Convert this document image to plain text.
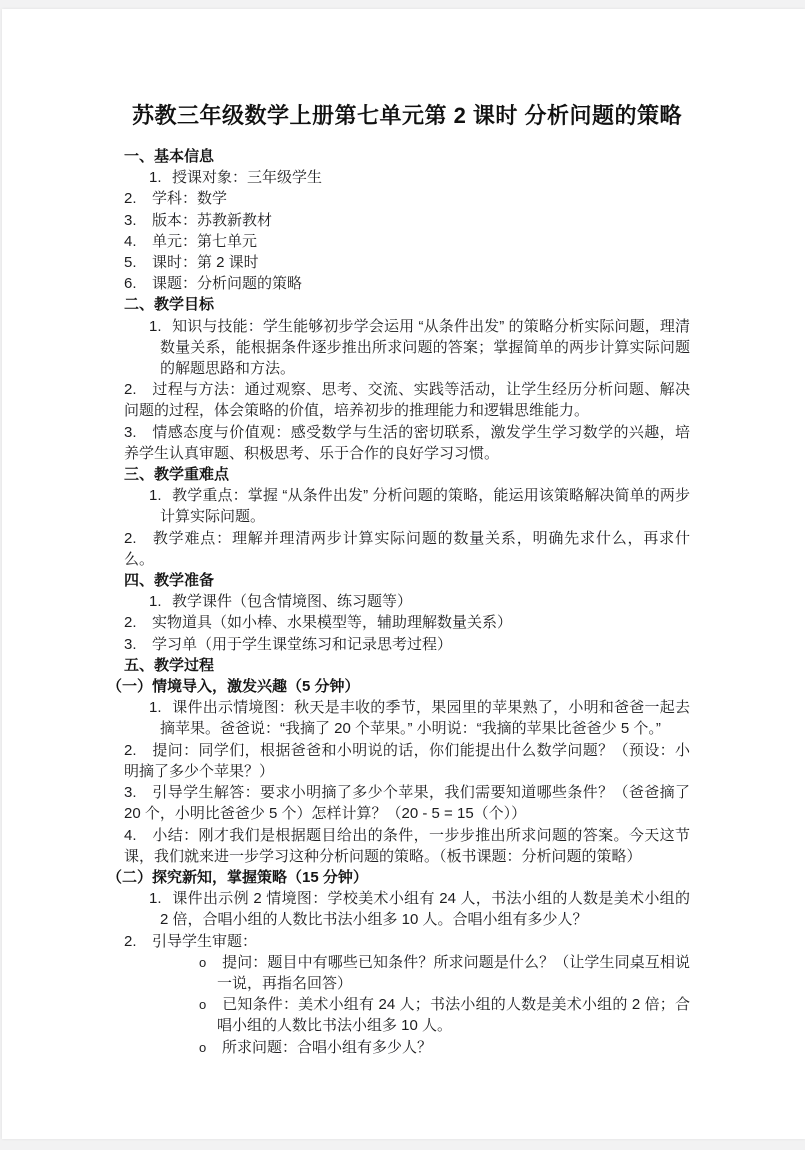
苏教三年级数学上册第七单元第 2 课时 分析问题的策略
一、基本信息

1. 授课对象：三年级学生

2. 学科：数学

3. 版本：苏教新教材

4. 单元：第七单元

5. 课时：第 2 课时

6. 课题：分析问题的策略

二、教学目标

1. 知识与技能：学生能够初步学会运用 “从条件出发” 的策略分析实际问题，理清数量关系，能根据条件逐步推出所求问题的答案；掌握简单的两步计算实际问题的解题思路和方法。

2. 过程与方法：通过观察、思考、交流、实践等活动，让学生经历分析问题、解决问题的过程，体会策略的价值，培养初步的推理能力和逻辑思维能力。

3. 情感态度与价值观：感受数学与生活的密切联系，激发学生学习数学的兴趣，培养学生认真审题、积极思考、乐于合作的良好学习习惯。

三、教学重难点

1. 教学重点：掌握 “从条件出发” 分析问题的策略，能运用该策略解决简单的两步计算实际问题。

2. 教学难点：理解并理清两步计算实际问题的数量关系，明确先求什么，再求什么。

四、教学准备

1. 教学课件（包含情境图、练习题等）

2. 实物道具（如小棒、水果模型等，辅助理解数量关系）

3. 学习单（用于学生课堂练习和记录思考过程）

五、教学过程
（一）情境导入，激发兴趣（5 分钟）

1. 课件出示情境图：秋天是丰收的季节，果园里的苹果熟了，小明和爸爸一起去摘苹果。爸爸说：“我摘了 20 个苹果。” 小明说：“我摘的苹果比爸爸少 5 个。”

2. 提问：同学们，根据爸爸和小明说的话，你们能提出什么数学问题？（预设：小明摘了多少个苹果？）

3. 引导学生解答：要求小明摘了多少个苹果，我们需要知道哪些条件？（爸爸摘了 20 个，小明比爸爸少 5 个）怎样计算？（20 - 5 = 15（个））

4. 小结：刚才我们是根据题目给出的条件，一步步推出所求问题的答案。今天这节课，我们就来进一步学习这种分析问题的策略。（板书课题：分析问题的策略）

（二）探究新知，掌握策略（15 分钟）

1. 课件出示例 2 情境图：学校美术小组有 24 人，书法小组的人数是美术小组的 2 倍，合唱小组的人数比书法小组多 10 人。合唱小组有多少人？

2. 引导学生审题：

o 提问：题目中有哪些已知条件？所求问题是什么？（让学生同桌互相说一说，再指名回答）

o 已知条件：美术小组有 24 人；书法小组的人数是美术小组的 2 倍；合唱小组的人数比书法小组多 10 人。

o 所求问题：合唱小组有多少人？
